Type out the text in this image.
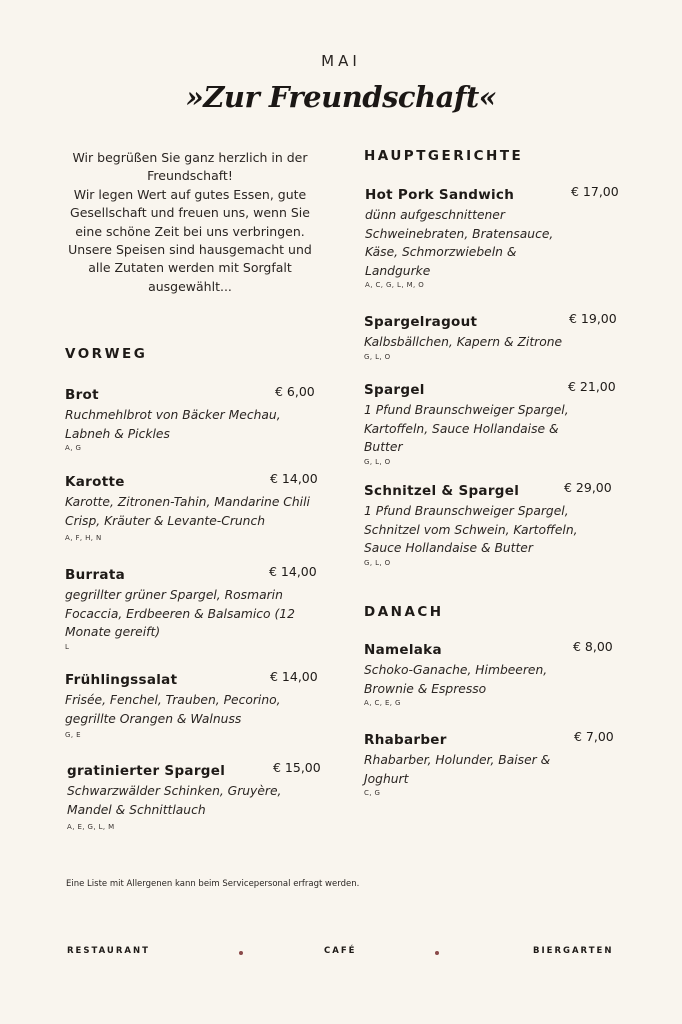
MAI
»Zur Freundschaft«
Wir begrüßen Sie ganz herzlich in der Freundschaft!
Wir legen Wert auf gutes Essen, gute Gesellschaft und freuen uns, wenn Sie eine schöne Zeit bei uns verbringen.
Unsere Speisen sind hausgemacht und alle Zutaten werden mit Sorgfalt ausgewählt...
VORWEG
Brot	€ 6,00
Ruchmehlbrot von Bäcker Mechau, Labneh & Pickles
A, G
Karotte	€ 14,00
Karotte, Zitronen-Tahin, Mandarine Chili Crisp, Kräuter & Levante-Crunch
A, F, H, N
Burrata	€ 14,00
gegrillter grüner Spargel, Rosmarin Focaccia, Erdbeeren & Balsamico (12 Monate gereift)
L
Frühlingssalat	€ 14,00
Frisée, Fenchel, Trauben, Pecorino, gegrillte Orangen & Walnuss
G, E
gratinierter Spargel	€ 15,00
Schwarzwälder Schinken, Gruyère, Mandel & Schnittlauch
A, E, G, L, M
HAUPTGERICHTE
Hot Pork Sandwich	€ 17,00
dünn aufgeschnittener Schweinebraten, Bratensauce, Käse, Schmorzwiebeln & Landgurke
A, C, G, L, M, O
Spargelragout	€ 19,00
Kalbsbällchen, Kapern & Zitrone
G, L, O
Spargel	€ 21,00
1 Pfund Braunschweiger Spargel, Kartoffeln, Sauce Hollandaise & Butter
G, L, O
Schnitzel & Spargel	€ 29,00
1 Pfund Braunschweiger Spargel, Schnitzel vom Schwein, Kartoffeln, Sauce Hollandaise & Butter
G, L, O
DANACH
Namelaka	€ 8,00
Schoko-Ganache, Himbeeren, Brownie & Espresso
A, C, E, G
Rhabarber	€ 7,00
Rhabarber, Holunder, Baiser & Joghurt
C, G
Eine Liste mit Allergenen kann beim Servicepersonal erfragt werden.
RESTAURANT	CAFÉ	BIERGARTEN
